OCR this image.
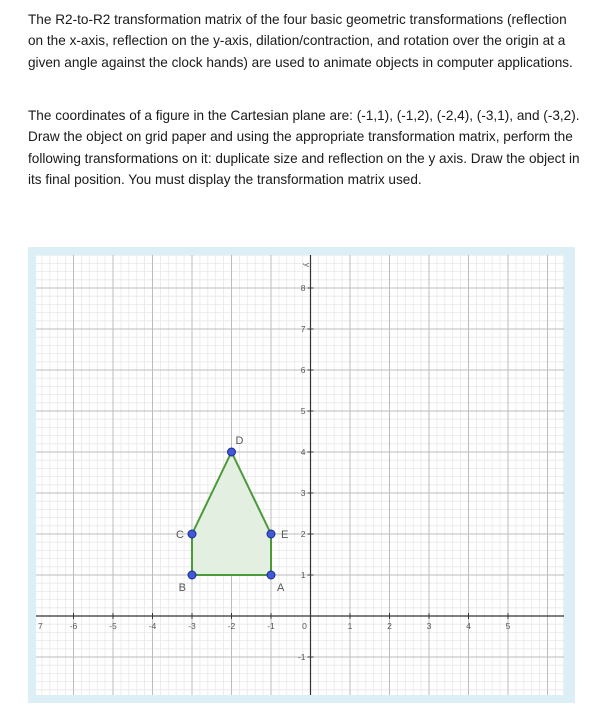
The R2-to-R2 transformation matrix of the four basic geometric transformations (reflection on the x-axis, reflection on the y-axis, dilation/contraction, and rotation over the origin at a given angle against the clock hands) are used to animate objects in computer applications.

The coordinates of a figure in the Cartesian plane are: (-1,1), (-1,2), (-2,4), (-3,1), and (-3,2). Draw the object on grid paper and using the appropriate transformation matrix, perform the following transformations on it: duplicate size and reflection on the y axis. Draw the object in its final position. You must display the transformation matrix used.

y
7	-6	-5	-4	-3	-2	-1	0	1	2	3	4	5
-1
1
2
3
4
5
6
7
8
A
E
D
C
B
